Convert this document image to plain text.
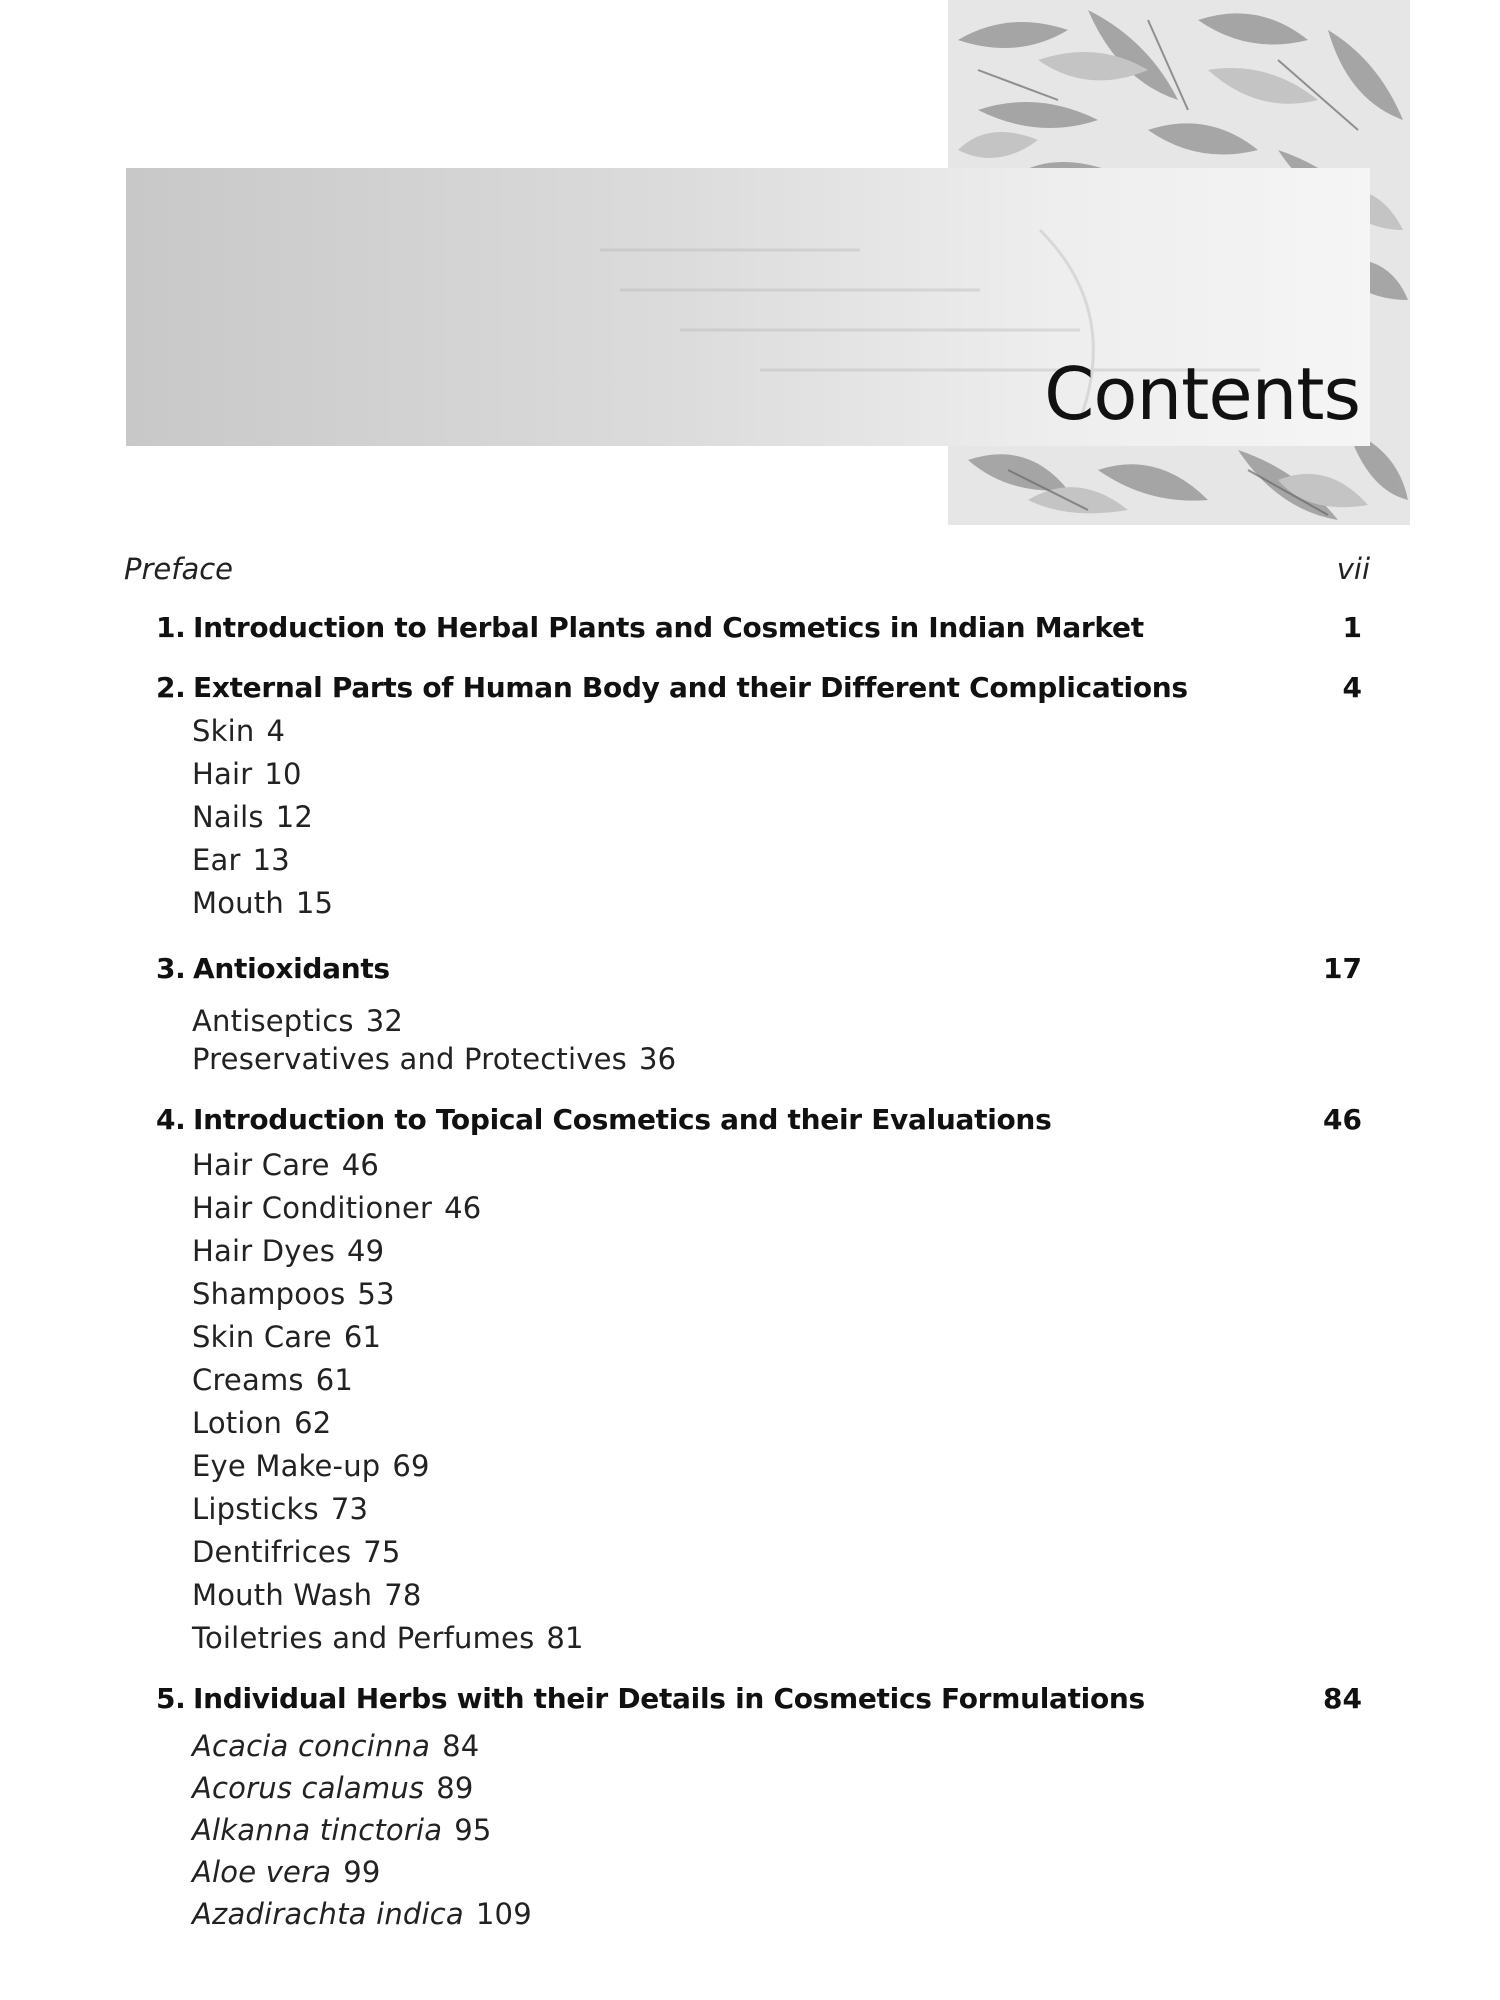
Contents
Preface	vii
1. Introduction to Herbal Plants and Cosmetics in Indian Market	1
2. External Parts of Human Body and their Different Complications	4
Skin 4
Hair 10
Nails 12
Ear 13
Mouth 15
3. Antioxidants	17
Antiseptics 32
Preservatives and Protectives 36
4. Introduction to Topical Cosmetics and their Evaluations	46
Hair Care 46
Hair Conditioner 46
Hair Dyes 49
Shampoos 53
Skin Care 61
Creams 61
Lotion 62
Eye Make-up 69
Lipsticks 73
Dentifrices 75
Mouth Wash 78
Toiletries and Perfumes 81
5. Individual Herbs with their Details in Cosmetics Formulations	84
Acacia concinna 84
Acorus calamus 89
Alkanna tinctoria 95
Aloe vera 99
Azadirachta indica 109
